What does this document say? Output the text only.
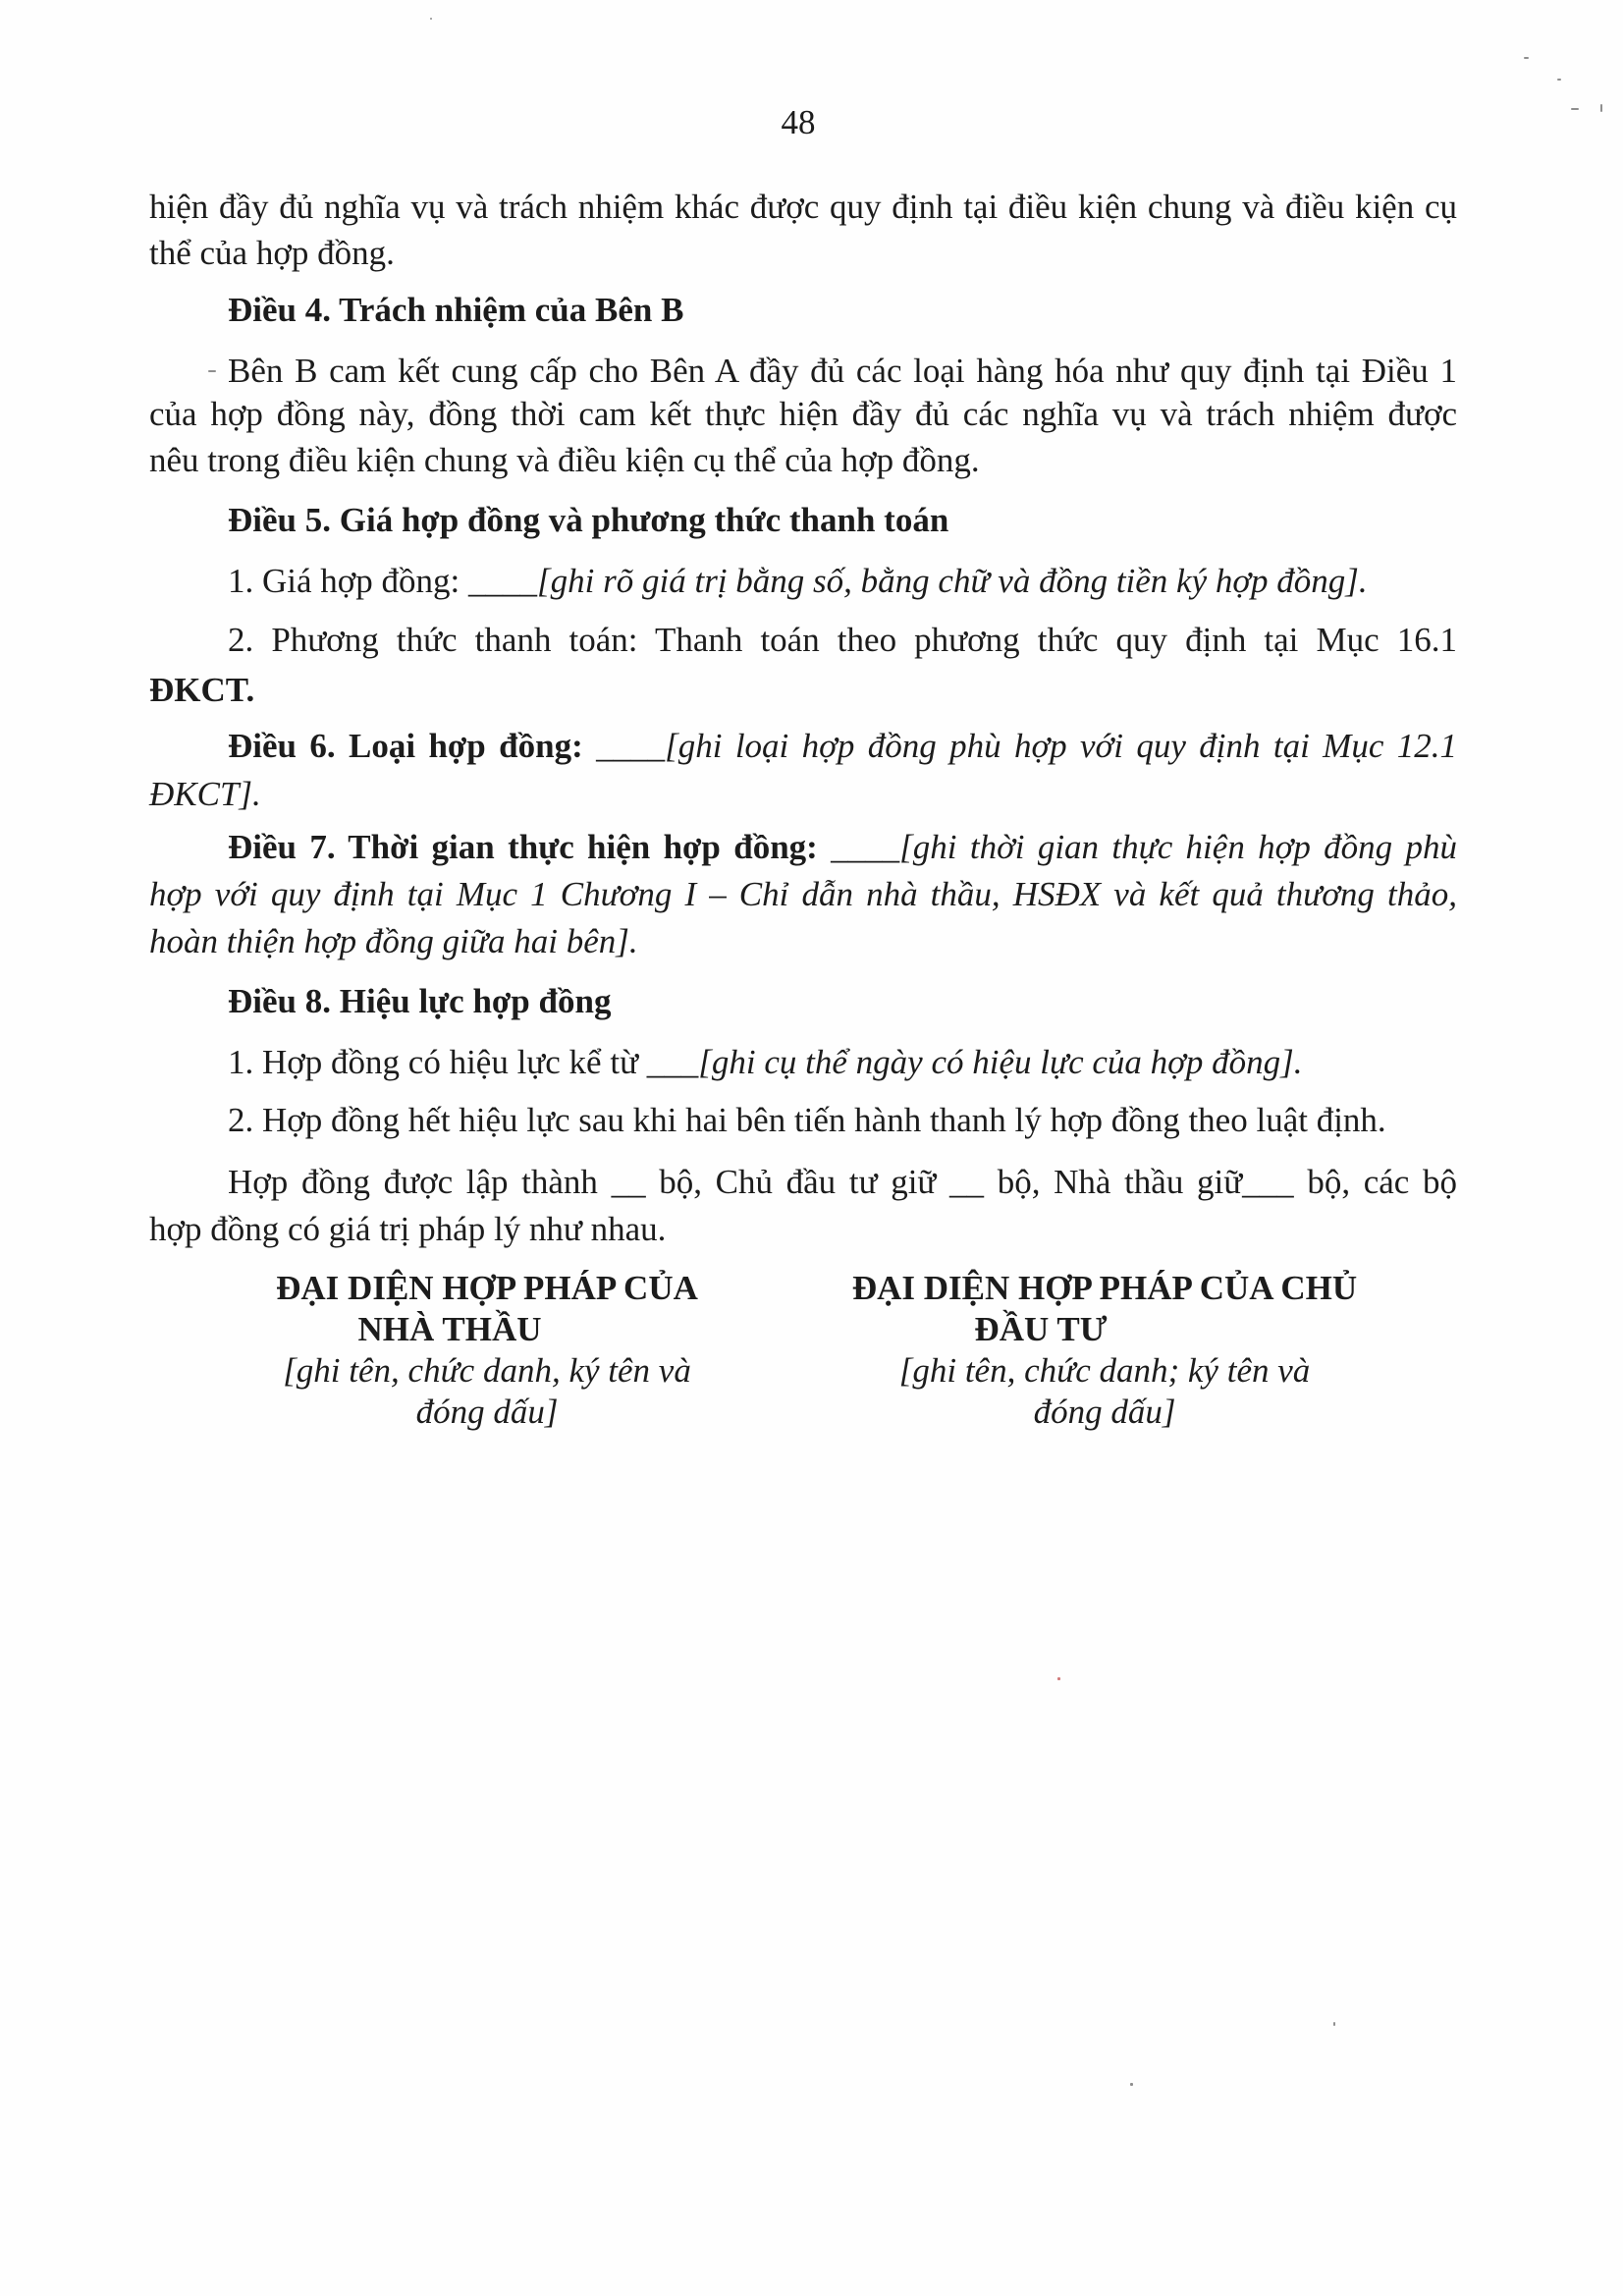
48
hiện đầy đủ nghĩa vụ và trách nhiệm khác được quy định tại điều kiện chung và điều kiện cụ
thể của hợp đồng.
Điều 4. Trách nhiệm của Bên B
Bên B cam kết cung cấp cho Bên A đầy đủ các loại hàng hóa như quy định tại Điều 1
của hợp đồng này, đồng thời cam kết thực hiện đầy đủ các nghĩa vụ và trách nhiệm được
nêu trong điều kiện chung và điều kiện cụ thể của hợp đồng.
Điều 5. Giá hợp đồng và phương thức thanh toán
1. Giá hợp đồng: ____[ghi rõ giá trị bằng số, bằng chữ và đồng tiền ký hợp đồng].
2. Phương thức thanh toán: Thanh toán theo phương thức quy định tại Mục 16.1
ĐKCT.
Điều 6. Loại hợp đồng: ____[ghi loại hợp đồng phù hợp với quy định tại Mục 12.1
ĐKCT].
Điều 7. Thời gian thực hiện hợp đồng: ____[ghi thời gian thực hiện hợp đồng phù
hợp với quy định tại Mục 1 Chương I – Chỉ dẫn nhà thầu, HSĐX và kết quả thương thảo,
hoàn thiện hợp đồng giữa hai bên].
Điều 8. Hiệu lực hợp đồng
1. Hợp đồng có hiệu lực kể từ ___[ghi cụ thể ngày có hiệu lực của hợp đồng].
2. Hợp đồng hết hiệu lực sau khi hai bên tiến hành thanh lý hợp đồng theo luật định.
Hợp đồng được lập thành __ bộ, Chủ đầu tư giữ __ bộ, Nhà thầu giữ___ bộ, các bộ
hợp đồng có giá trị pháp lý như nhau.
ĐẠI DIỆN HỢP PHÁP CỦA
NHÀ THẦU
[ghi tên, chức danh, ký tên và
đóng dấu]
ĐẠI DIỆN HỢP PHÁP CỦA CHỦ
ĐẦU TƯ
[ghi tên, chức danh; ký tên và
đóng dấu]
